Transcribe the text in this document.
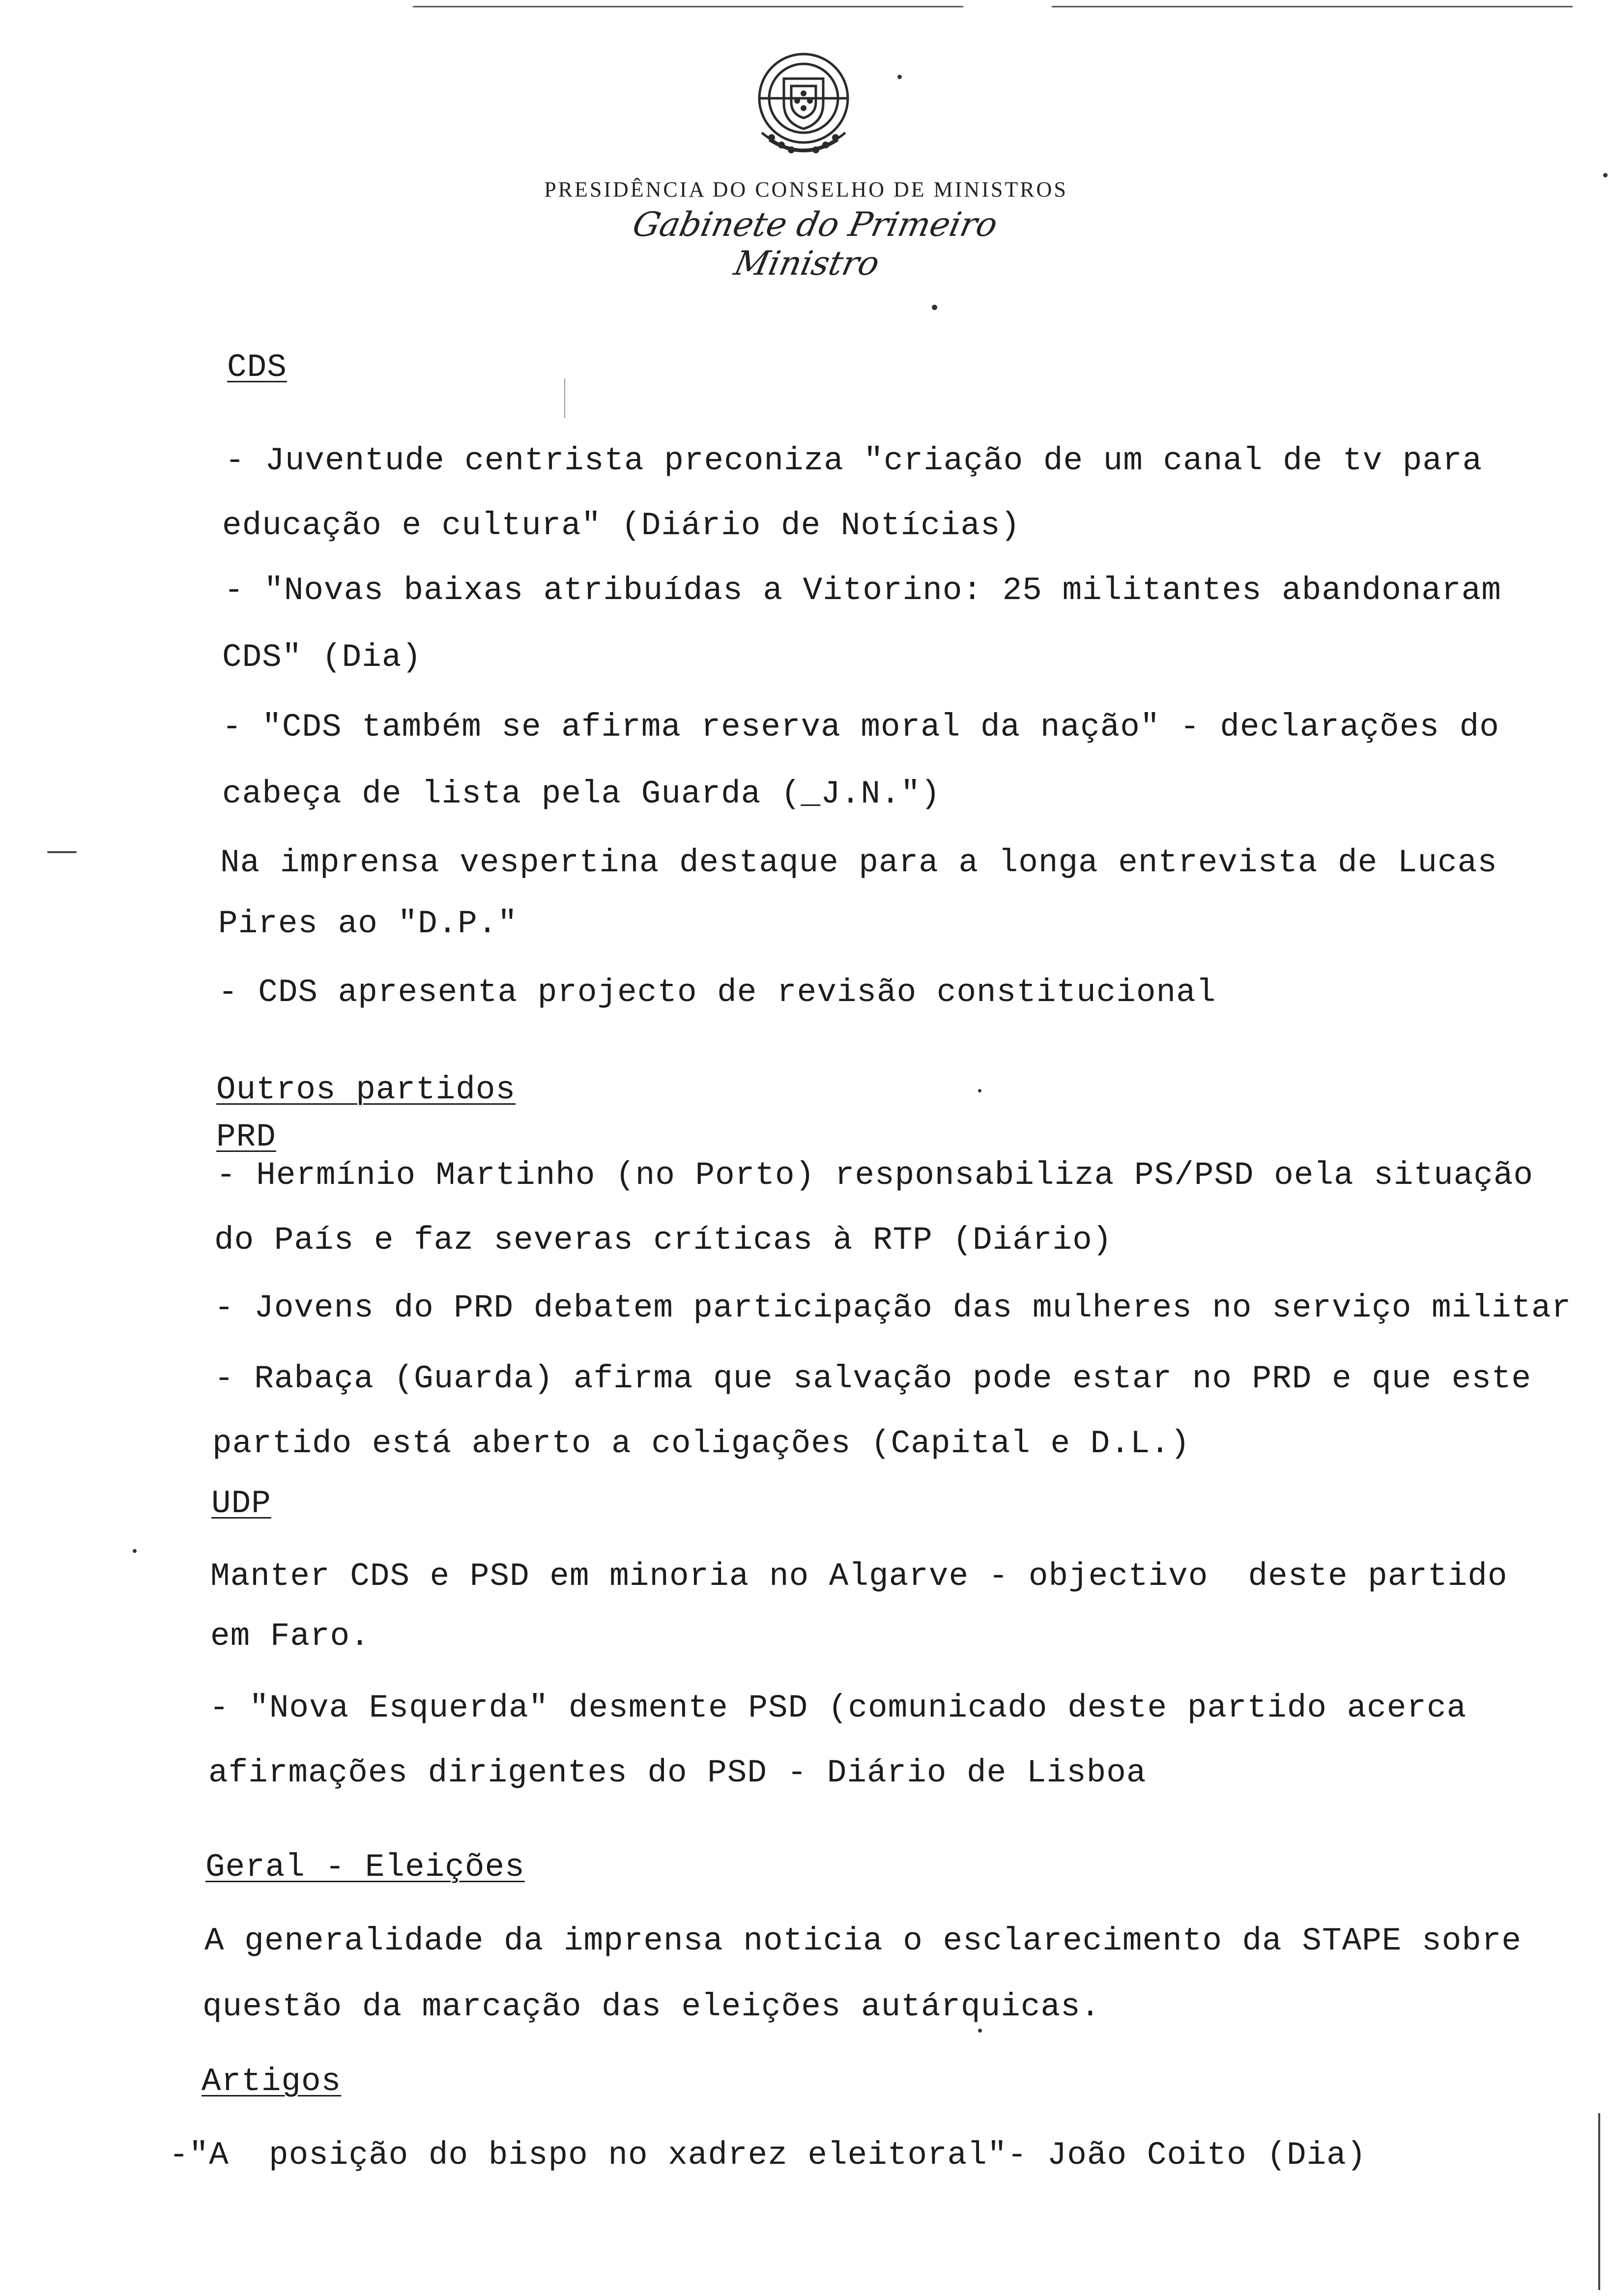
PRESIDÊNCIA DO CONSELHO DE MINISTROS
Gabinete do Primeiro Ministro
CDS
- Juventude centrista preconiza "criação de um canal de tv para
educação e cultura" (Diário de Notícias)
- "Novas baixas atribuídas a Vitorino: 25 militantes abandonaram
CDS" (Dia)
- "CDS também se afirma reserva moral da nação" - declarações do
cabeça de lista pela Guarda (_J.N.")
Na imprensa vespertina destaque para a longa entrevista de Lucas
Pires ao "D.P."
- CDS apresenta projecto de revisão constitucional
Outros partidos
PRD
- Hermínio Martinho (no Porto) responsabiliza PS/PSD oela situação
do País e faz severas críticas à RTP (Diário)
- Jovens do PRD debatem participação das mulheres no serviço militar
- Rabaça (Guarda) afirma que salvação pode estar no PRD e que este
partido está aberto a coligações (Capital e D.L.)
UDP
Manter CDS e PSD em minoria no Algarve - objectivo  deste partido
em Faro.
- "Nova Esquerda" desmente PSD (comunicado deste partido acerca
afirmações dirigentes do PSD - Diário de Lisboa
Geral - Eleições
A generalidade da imprensa noticia o esclarecimento da STAPE sobre
questão da marcação das eleições autárquicas.
Artigos
-"A  posição do bispo no xadrez eleitoral"- João Coito (Dia)
